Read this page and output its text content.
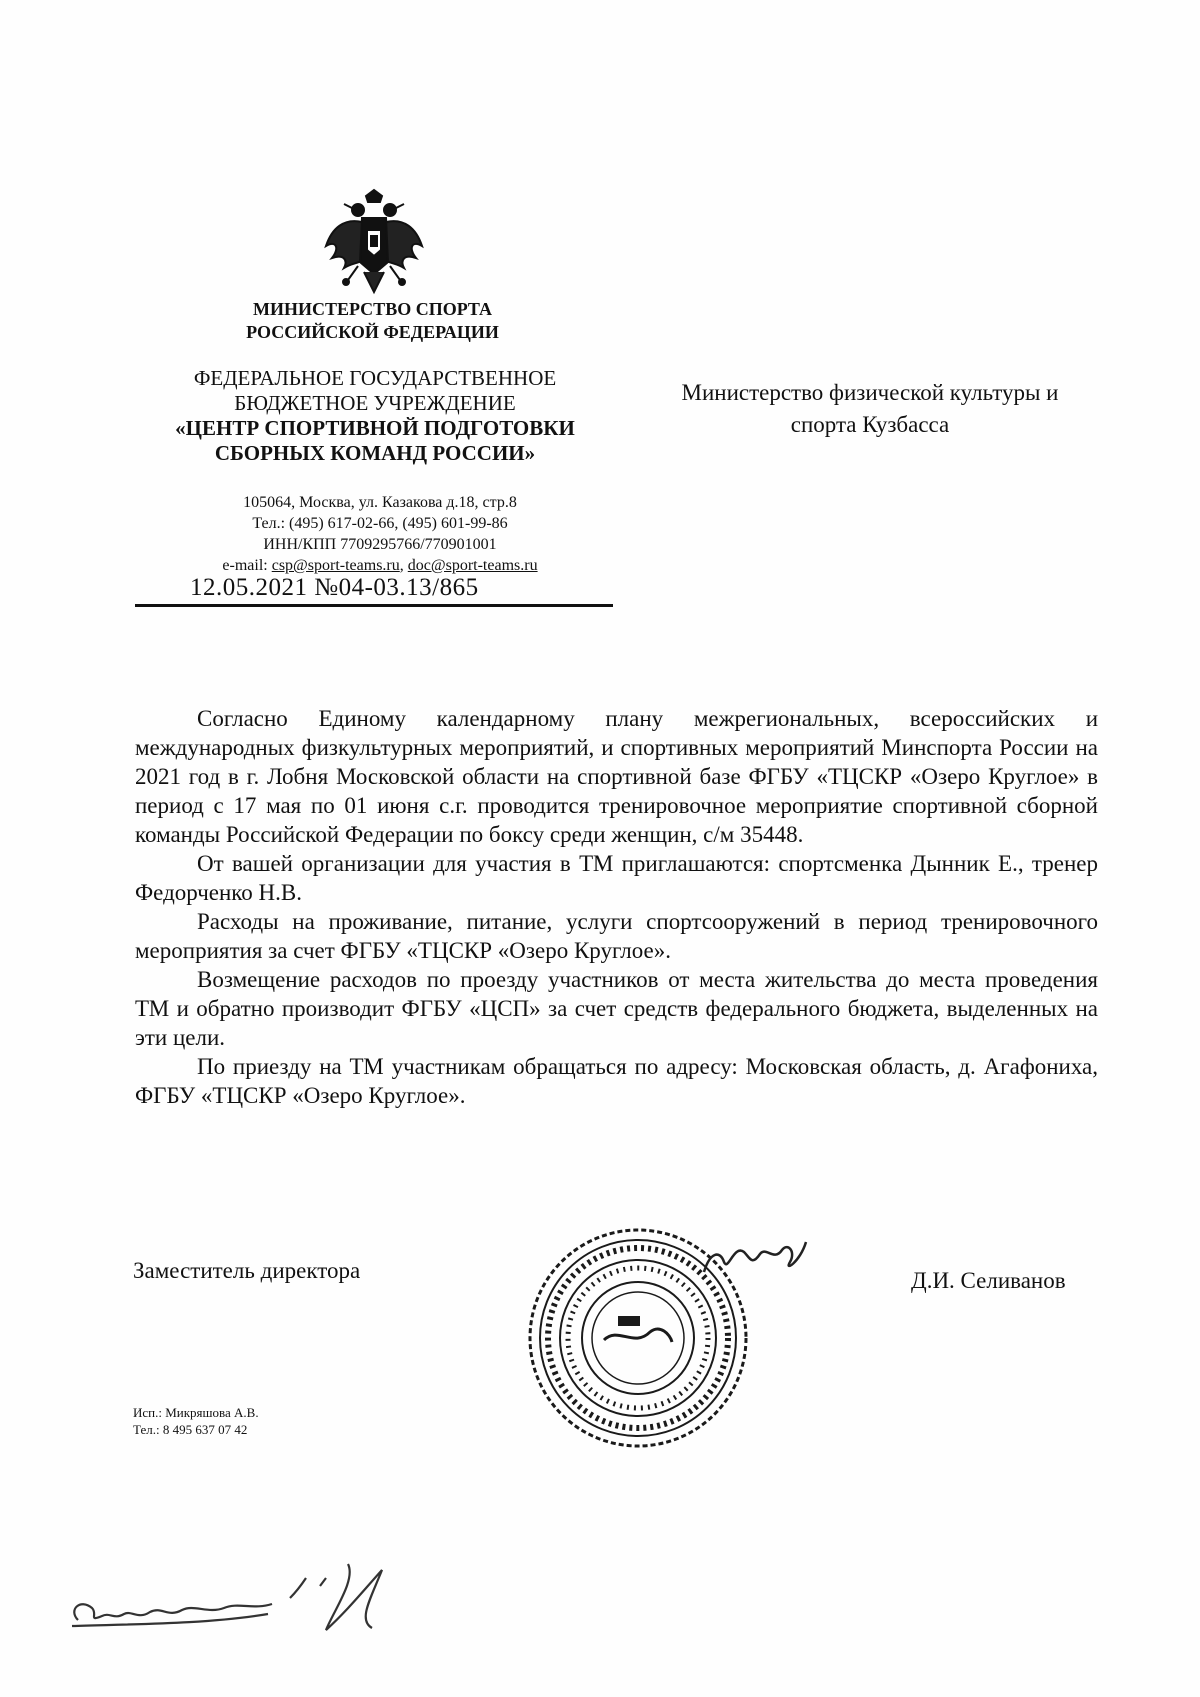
МИНИСТЕРСТВО СПОРТА
РОССИЙСКОЙ ФЕДЕРАЦИИ
ФЕДЕРАЛЬНОЕ ГОСУДАРСТВЕННОЕ
БЮДЖЕТНОЕ УЧРЕЖДЕНИЕ
«ЦЕНТР СПОРТИВНОЙ ПОДГОТОВКИ
СБОРНЫХ КОМАНД РОССИИ»
105064, Москва, ул. Казакова д.18, стр.8
Тел.: (495) 617-02-66, (495) 601-99-86
ИНН/КПП 7709295766/770901001
e-mail: csp@sport-teams.ru, doc@sport-teams.ru
12.05.2021 №04-03.13/865
Министерство физической культуры и
спорта Кузбасса

Согласно Единому календарному плану межрегиональных, всероссийских и международных физкультурных мероприятий, и спортивных мероприятий Минспорта России на 2021 год в г. Лобня Московской области на спортивной базе ФГБУ «ТЦСКР «Озеро Круглое» в период с 17 мая по 01 июня с.г. проводится тренировочное мероприятие спортивной сборной команды Российской Федерации по боксу среди женщин, с/м 35448.

От вашей организации для участия в ТМ приглашаются: спортсменка Дынник Е., тренер Федорченко Н.В.

Расходы на проживание, питание, услуги спортсооружений в период тренировочного мероприятия за счет ФГБУ «ТЦСКР «Озеро Круглое».

Возмещение расходов по проезду участников от места жительства до места проведения ТМ и обратно производит ФГБУ «ЦСП» за счет средств федерального бюджета, выделенных на эти цели.

По приезду на ТМ участникам обращаться по адресу: Московская область, д. Агафониха, ФГБУ «ТЦСКР «Озеро Круглое».

Заместитель директора	Д.И. Селиванов
Исп.: Микряшова А.В.
Тел.: 8 495 637 07 42
